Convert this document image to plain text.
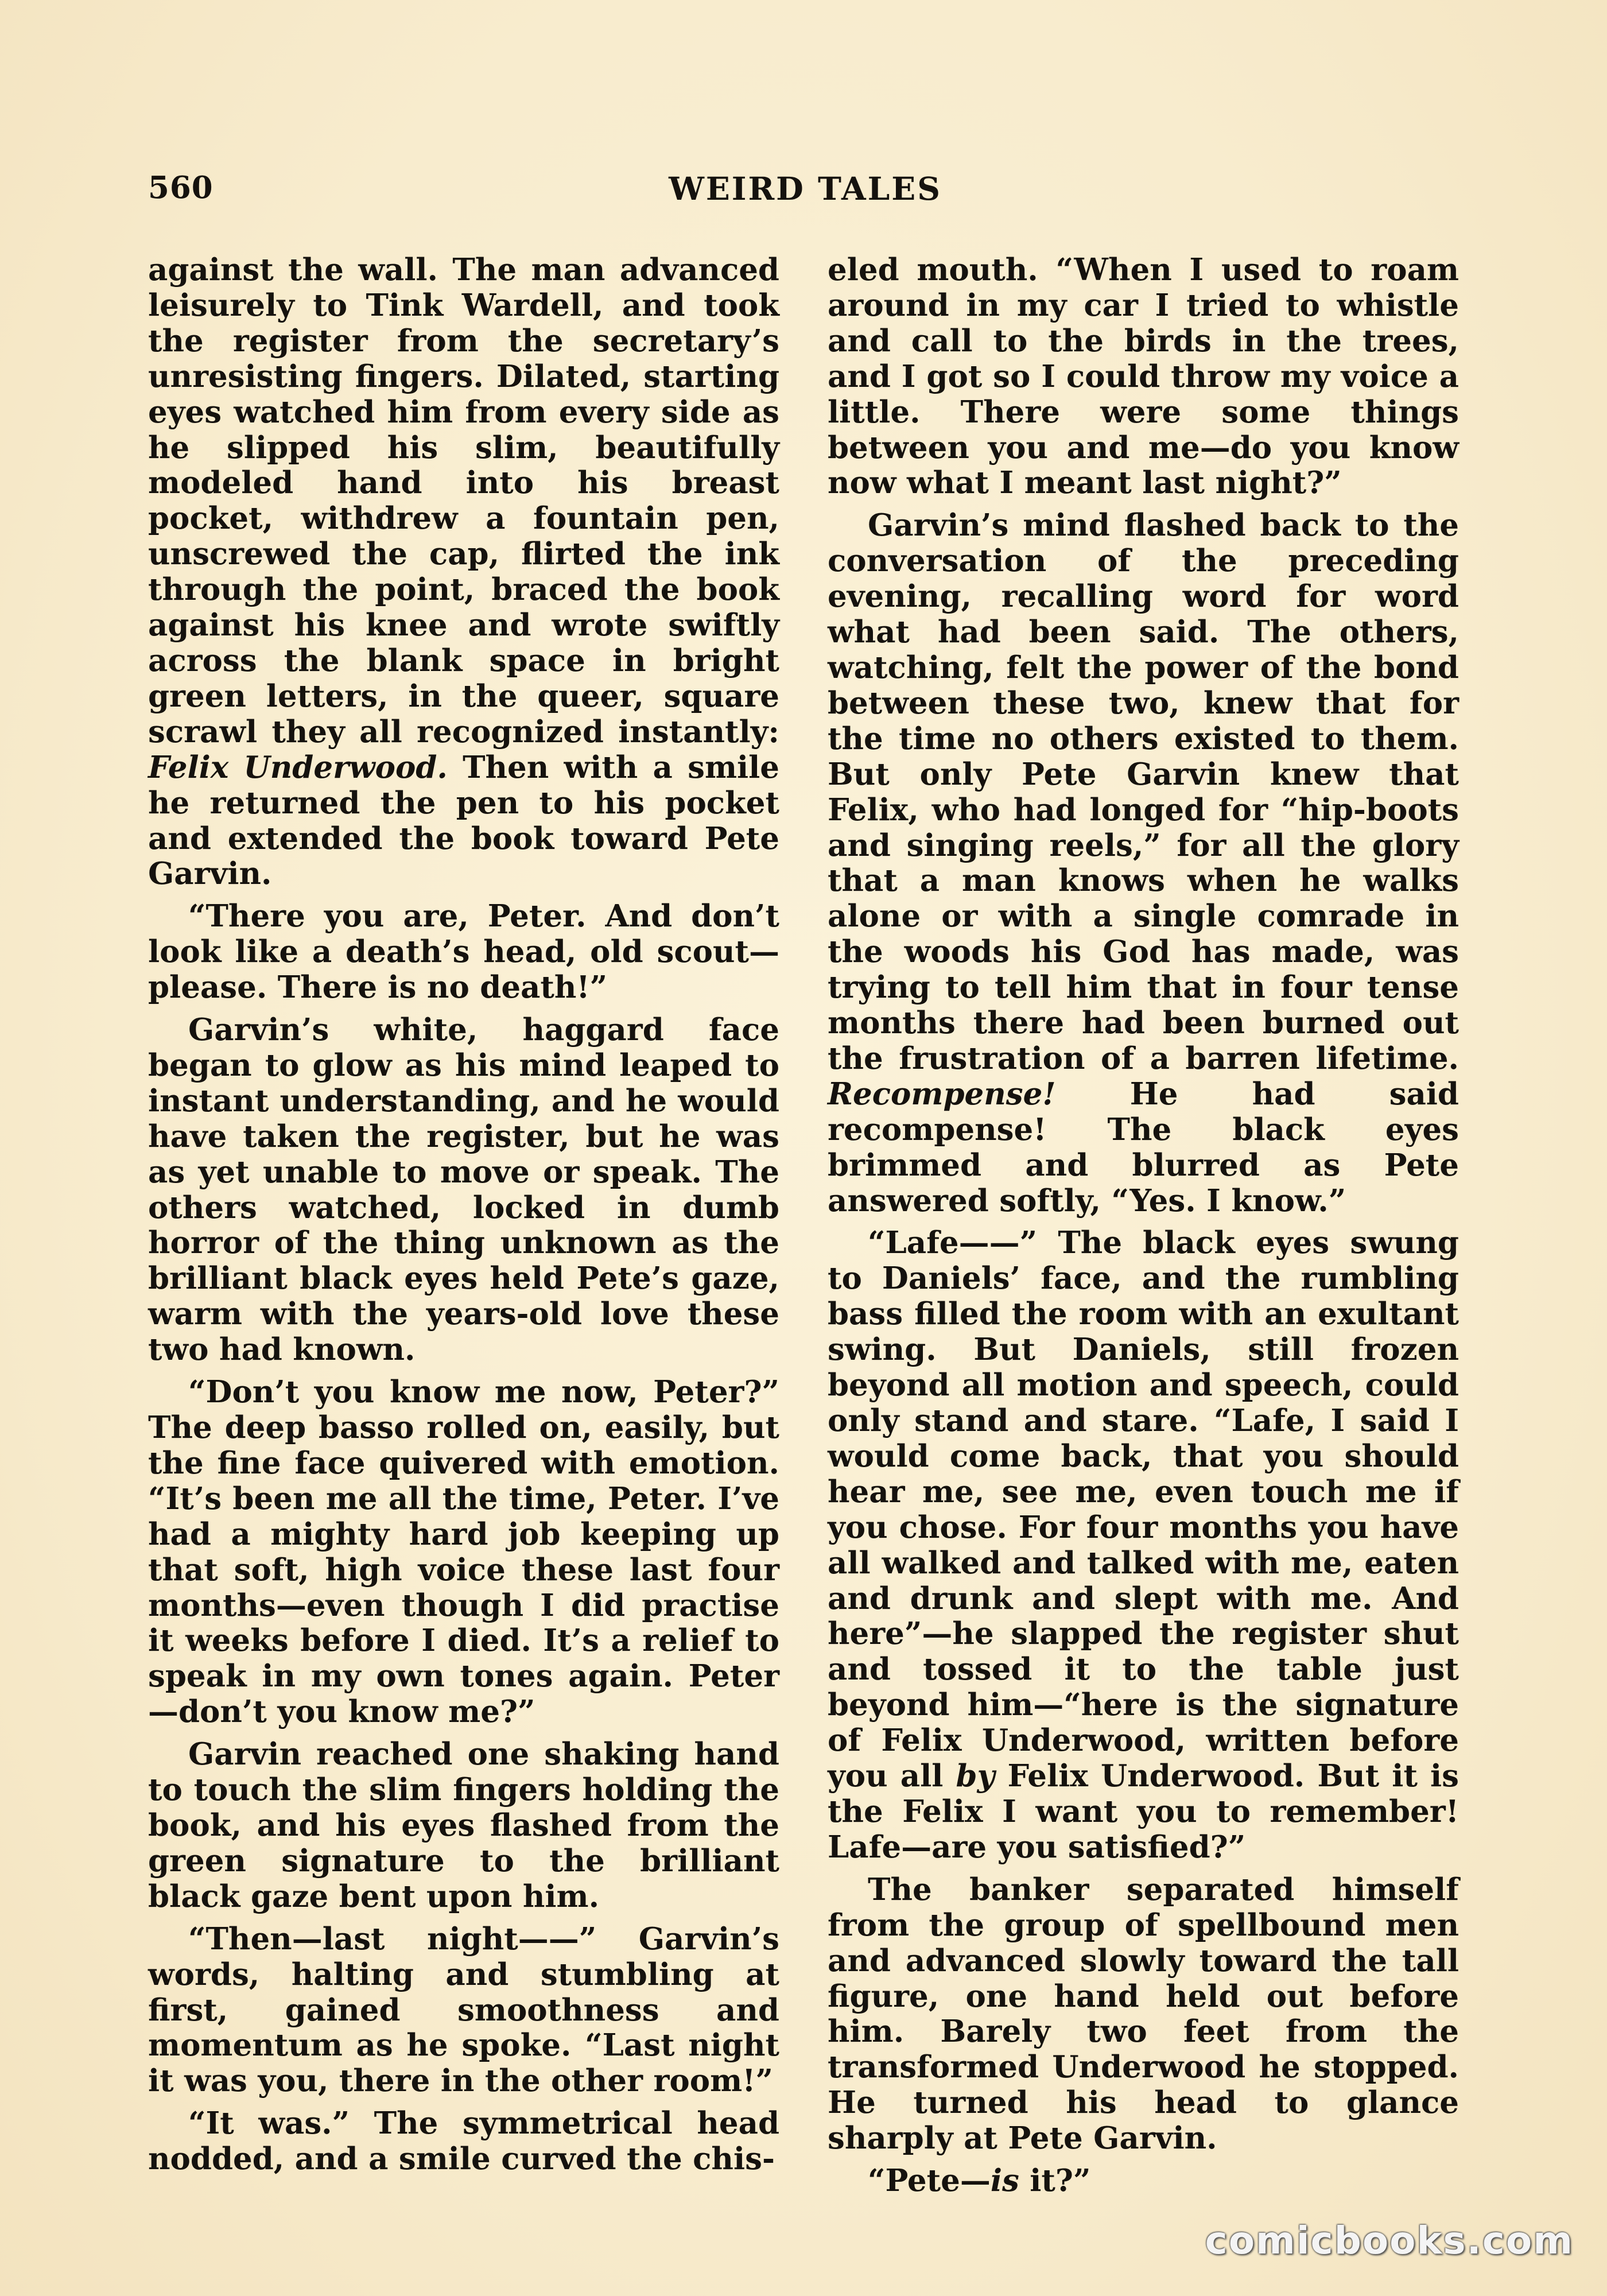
560	WEIRD TALES

against the wall. The man advanced leisurely to Tink Wardell, and took the register from the secretary’s unresisting fingers. Dilated, starting eyes watched him from every side as he slipped his slim, beautifully modeled hand into his breast pocket, withdrew a fountain pen, unscrewed the cap, flirted the ink through the point, braced the book against his knee and wrote swiftly across the blank space in bright green letters, in the queer, square scrawl they all recognized instantly: Felix Underwood. Then with a smile he returned the pen to his pocket and extended the book toward Pete Garvin.

“There you are, Peter. And don’t look like a death’s head, old scout—please. There is no death!”

Garvin’s white, haggard face began to glow as his mind leaped to instant understanding, and he would have taken the register, but he was as yet unable to move or speak. The others watched, locked in dumb horror of the thing unknown as the brilliant black eyes held Pete’s gaze, warm with the years-old love these two had known.

“Don’t you know me now, Peter?” The deep basso rolled on, easily, but the fine face quivered with emotion. “It’s been me all the time, Peter. I’ve had a mighty hard job keeping up that soft, high voice these last four months—even though I did practise it weeks before I died. It’s a relief to speak in my own tones again. Peter—don’t you know me?”

Garvin reached one shaking hand to touch the slim fingers holding the book, and his eyes flashed from the green signature to the brilliant black gaze bent upon him.

“Then—last night——” Garvin’s words, halting and stumbling at first, gained smoothness and momentum as he spoke. “Last night it was you, there in the other room!”

“It was.” The symmetrical head nodded, and a smile curved the chis-

eled mouth. “When I used to roam around in my car I tried to whistle and call to the birds in the trees, and I got so I could throw my voice a little. There were some things between you and me—do you know now what I meant last night?”

Garvin’s mind flashed back to the conversation of the preceding evening, recalling word for word what had been said. The others, watching, felt the power of the bond between these two, knew that for the time no others existed to them. But only Pete Garvin knew that Felix, who had longed for “hip-boots and singing reels,” for all the glory that a man knows when he walks alone or with a single comrade in the woods his God has made, was trying to tell him that in four tense months there had been burned out the frustration of a barren lifetime. Recompense! He had said recompense! The black eyes brimmed and blurred as Pete answered softly, “Yes. I know.”

“Lafe——” The black eyes swung to Daniels’ face, and the rumbling bass filled the room with an exultant swing. But Daniels, still frozen beyond all motion and speech, could only stand and stare. “Lafe, I said I would come back, that you should hear me, see me, even touch me if you chose. For four months you have all walked and talked with me, eaten and drunk and slept with me. And here”—he slapped the register shut and tossed it to the table just beyond him—“here is the signature of Felix Underwood, written before you all by Felix Underwood. But it is the Felix I want you to remember! Lafe—are you satisfied?”

The banker separated himself from the group of spellbound men and advanced slowly toward the tall figure, one hand held out before him. Barely two feet from the transformed Underwood he stopped. He turned his head to glance sharply at Pete Garvin.

“Pete—is it?”

comicbooks.com
